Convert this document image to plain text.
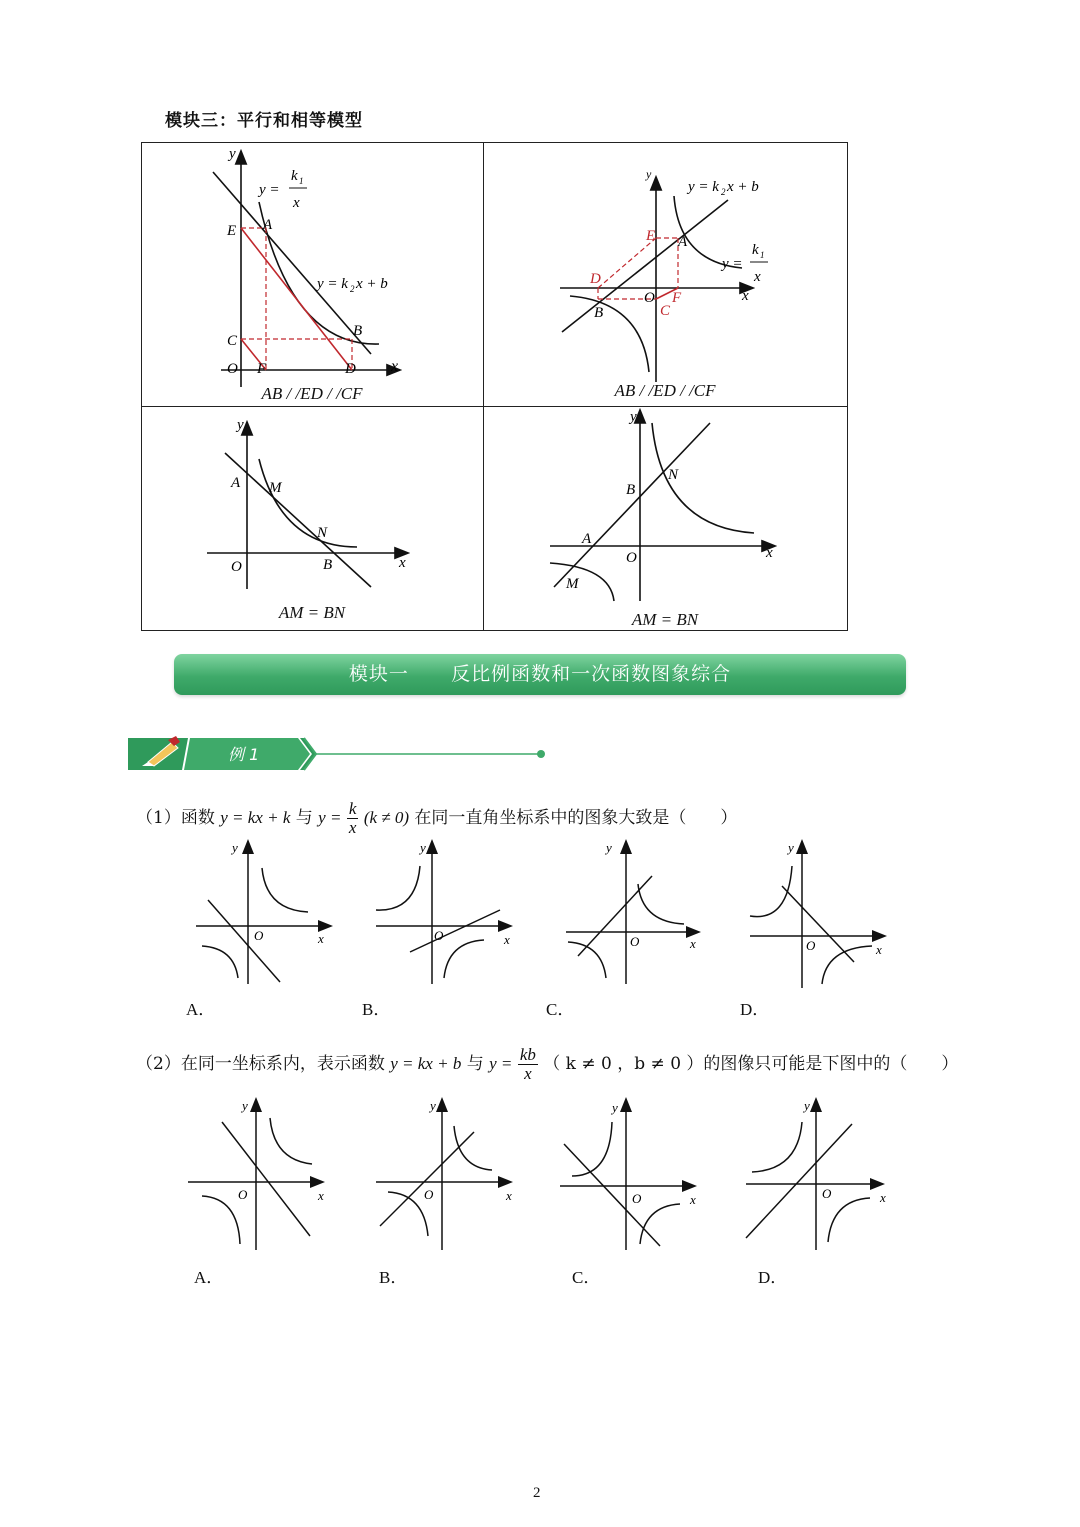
模块三：平行和相等模型
y
x
O
A
B
C
D
E
F
y =
k 1
x
y = k 2 x + b
AB / /ED / /CF
y
x
O
A
B	C
D
E
F
y = k 2 x + b
y =
k 1
x
AB / /ED / /CF
y
x
O
A M
N
B
AM = BN
y
x
O
A
B
M
N
AM = BN
模块一 反比例函数和一次函数图象综合
例 1
（1）函数 y = kx + k 与 $y = \frac{k}{x} (k \ne 0)$ 在同一直角坐标系中的图象大致是（　　）
y
x
O
y
x
O
y
x
O
y
x
O
A．	B．	C．	D．
（2）在同一坐标系内，表示函数 y = kx + b 与 $y = \frac{kb}{x}$ （ k ≠ 0 ，b ≠ 0 ）的图像只可能是下图中的（　　）
y
x
O
y
x
O
y
x
O
y
x
O
A．	B．	C．	D．
2
